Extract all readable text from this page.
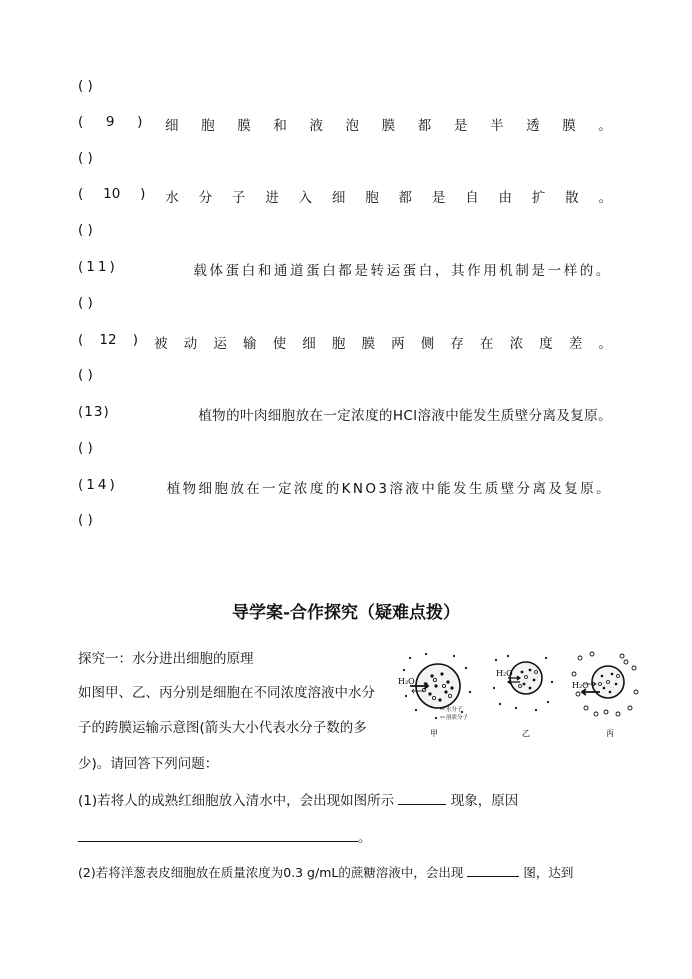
( )
( 9 ) 细 胞 膜 和 液 泡 膜 都 是 半 透 膜 。
( )
( 10 ) 水 分 子 进 入 细 胞 都 是 自 由 扩 散 。
( )
(11)	载体蛋白和通道蛋白都是转运蛋白，其作用机制是一样的。
( )
( 12 ) 被 动 运 输 使 细 胞 膜 两 侧 存 在 浓 度 差 。
( )
(13)	植物的叶肉细胞放在一定浓度的HCl溶液中能发生质壁分离及复原。
( )
(14)	植物细胞放在一定浓度的KNO3溶液中能发生质壁分离及复原。
( )
导学案-合作探究（疑难点拨）
探究一：水分进出细胞的原理
如图甲、乙、丙分别是细胞在不同浓度溶液中水分
子的跨膜运输示意图(箭头大小代表水分子数的多
少)。请回答下列问题：
H₂O
水分子
溶质分子
甲
H₂O
乙
H₂O
丙
(1)若将人的成熟红细胞放入清水中，会出现如图所示	现象，原因
。
(2)若将洋葱表皮细胞放在质量浓度为0.3 g/mL的蔗糖溶液中，会出现	图，达到
